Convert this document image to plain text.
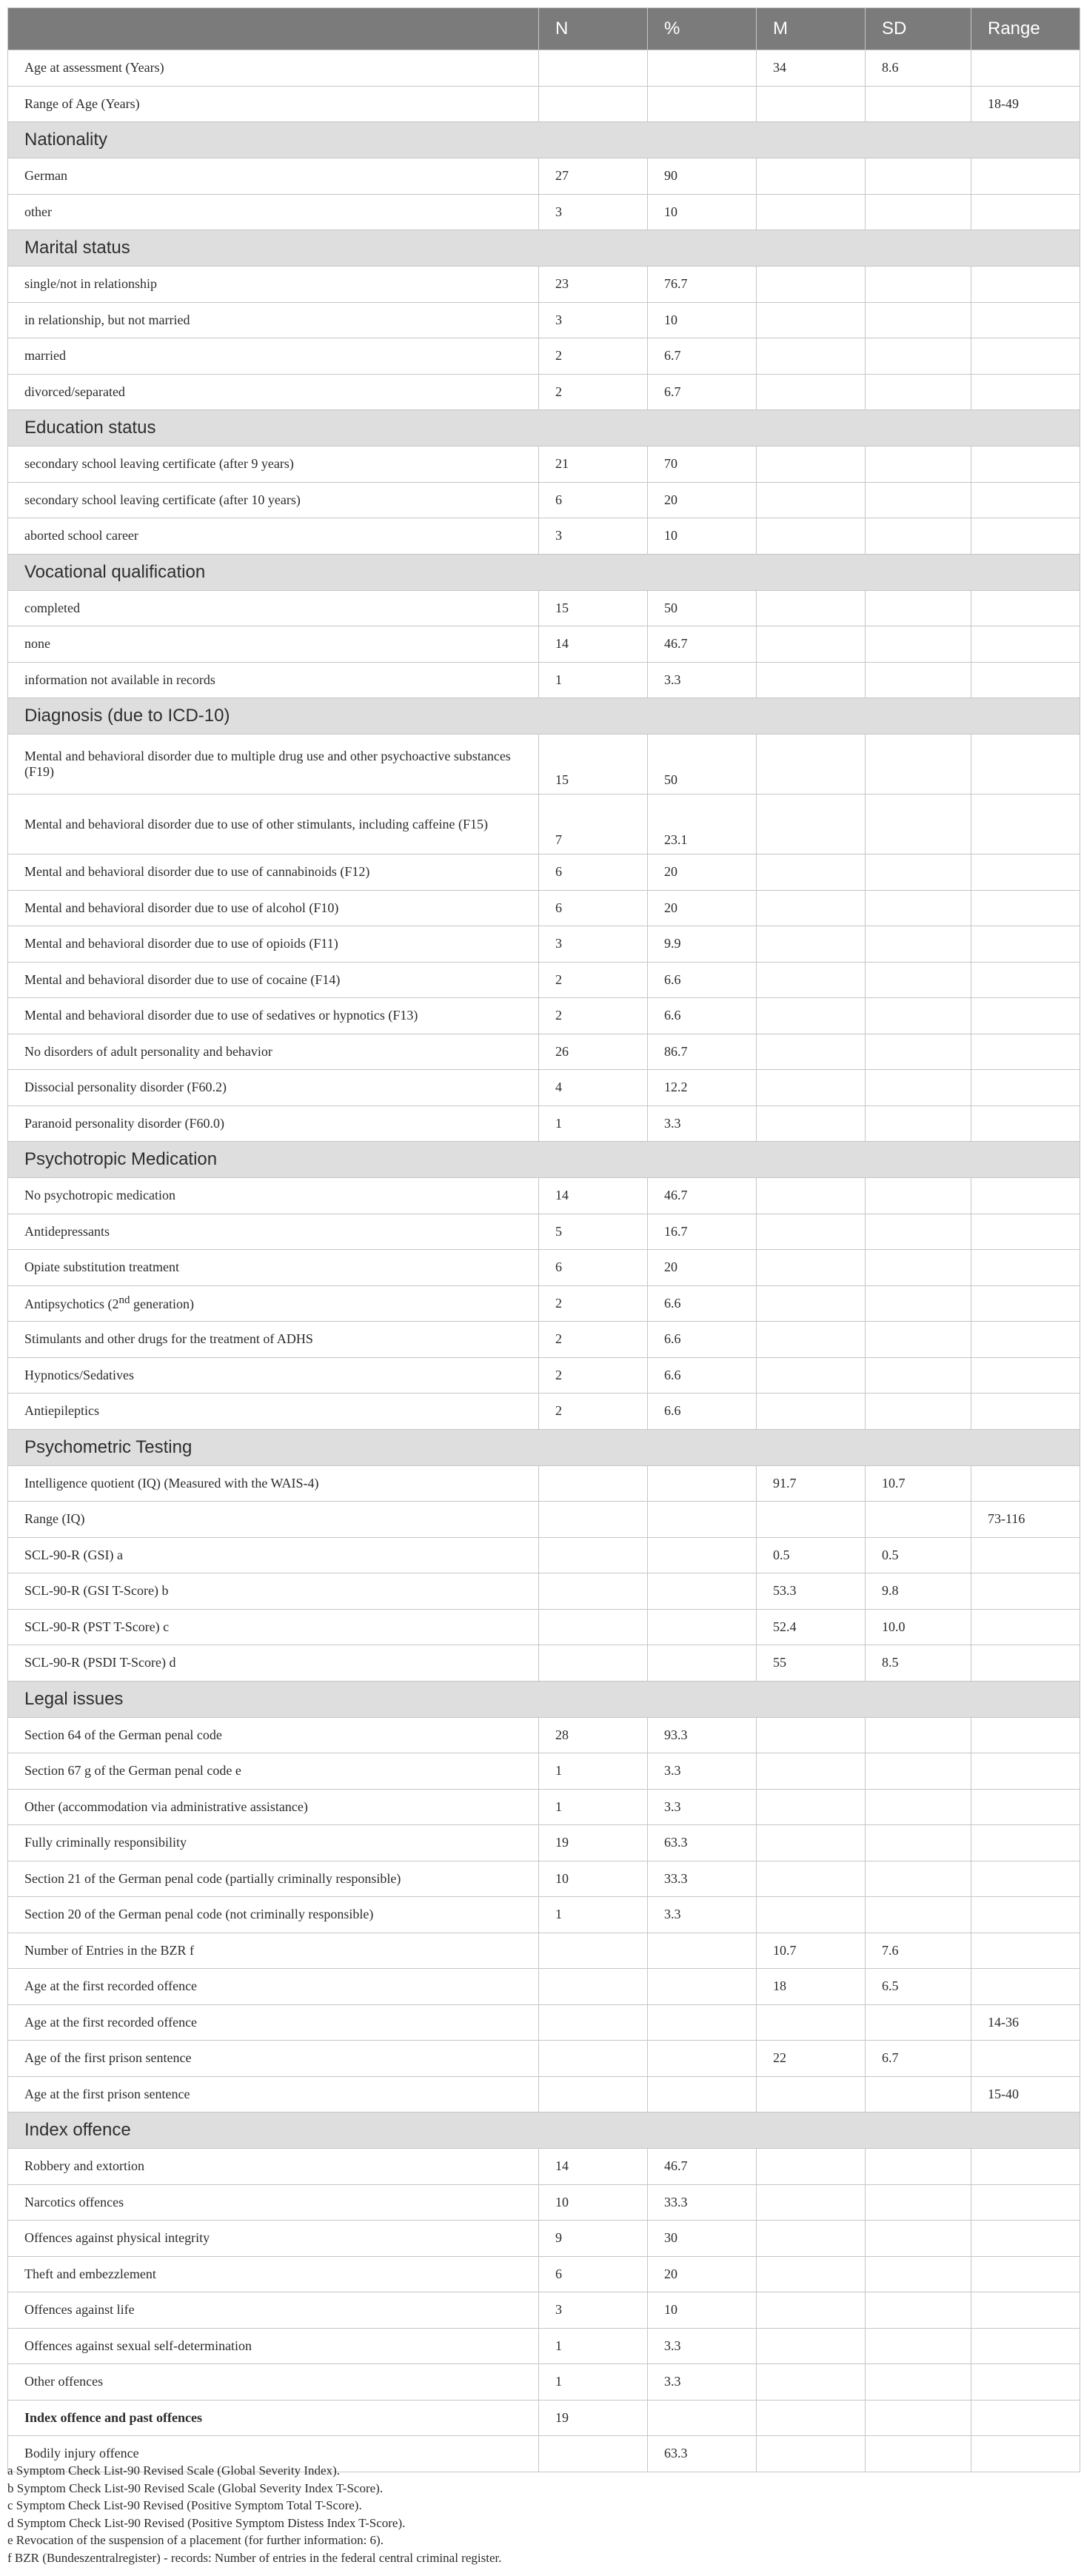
	N	%	M	SD	Range
Age at assessment (Years)			34	8.6	
Range of Age (Years)					18-49
Nationality					
German	27	90			
other	3	10			
Marital status					
single/not in relationship	23	76.7			
in relationship, but not married	3	10			
married	2	6.7			
divorced/separated	2	6.7			
Education status					
secondary school leaving certificate (after 9 years)	21	70			
secondary school leaving certificate (after 10 years)	6	20			
aborted school career	3	10			
Vocational qualification					
completed	15	50			
none	14	46.7			
information not available in records	1	3.3			
Diagnosis (due to ICD-10)					
Mental and behavioral disorder due to multiple drug use and other psychoactive substances (F19)	15	50			
Mental and behavioral disorder due to use of other stimulants, including caffeine (F15)	7	23.1			
Mental and behavioral disorder due to use of cannabinoids (F12)	6	20			
Mental and behavioral disorder due to use of alcohol (F10)	6	20			
Mental and behavioral disorder due to use of opioids (F11)	3	9.9			
Mental and behavioral disorder due to use of cocaine (F14)	2	6.6			
Mental and behavioral disorder due to use of sedatives or hypnotics (F13)	2	6.6			
No disorders of adult personality and behavior	26	86.7			
Dissocial personality disorder (F60.2)	4	12.2			
Paranoid personality disorder (F60.0)	1	3.3			
Psychotropic Medication					
No psychotropic medication	14	46.7			
Antidepressants	5	16.7			
Opiate substitution treatment	6	20			
Antipsychotics (2nd generation)	2	6.6			
Stimulants and other drugs for the treatment of ADHS	2	6.6			
Hypnotics/Sedatives	2	6.6			
Antiepileptics	2	6.6			
Psychometric Testing					
Intelligence quotient (IQ) (Measured with the WAIS-4)			91.7	10.7	
Range (IQ)					73-116
SCL-90-R (GSI) a			0.5	0.5	
SCL-90-R (GSI T-Score) b			53.3	9.8	
SCL-90-R (PST T-Score) c			52.4	10.0	
SCL-90-R (PSDI T-Score) d			55	8.5	
Legal issues					
Section 64 of the German penal code	28	93.3			
Section 67 g of the German penal code e	1	3.3			
Other (accommodation via administrative assistance)	1	3.3			
Fully criminally responsibility	19	63.3			
Section 21 of the German penal code (partially criminally responsible)	10	33.3			
Section 20 of the German penal code (not criminally responsible)	1	3.3			
Number of Entries in the BZR f			10.7	7.6	
Age at the first recorded offence			18	6.5	
Age at the first recorded offence					14-36
Age of the first prison sentence			22	6.7	
Age at the first prison sentence					15-40
Index offence					
Robbery and extortion	14	46.7			
Narcotics offences	10	33.3			
Offences against physical integrity	9	30			
Theft and embezzlement	6	20			
Offences against life	3	10			
Offences against sexual self-determination	1	3.3			
Other offences	1	3.3			
Index offence and past offences	19				
Bodily injury offence		63.3			
a Symptom Check List-90 Revised Scale (Global Severity Index).
b Symptom Check List-90 Revised Scale (Global Severity Index T-Score).
c Symptom Check List-90 Revised (Positive Symptom Total T-Score).
d Symptom Check List-90 Revised (Positive Symptom Distess Index T-Score).
e Revocation of the suspension of a placement (for further information: 6).
f BZR (Bundeszentralregister) - records: Number of entries in the federal central criminal register.
